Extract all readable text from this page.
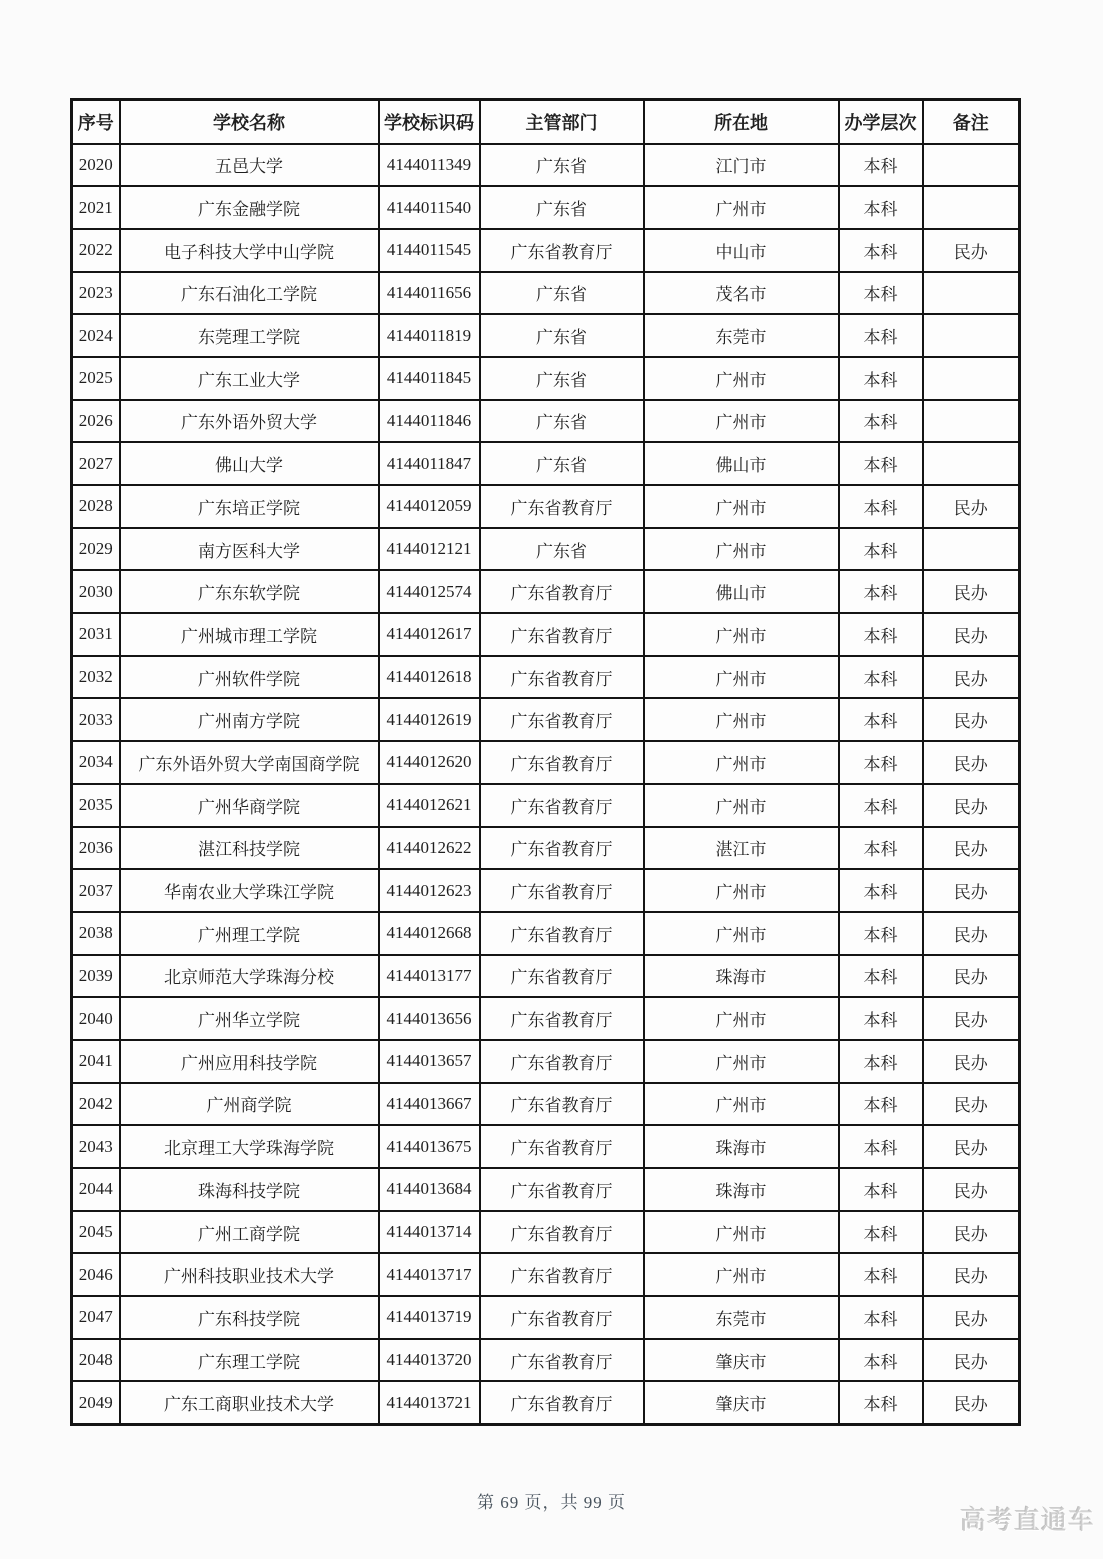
序号	学校名称	学校标识码	主管部门	所在地	办学层次	备注
2020	五邑大学	4144011349	广东省	江门市	本科	
2021	广东金融学院	4144011540	广东省	广州市	本科	
2022	电子科技大学中山学院	4144011545	广东省教育厅	中山市	本科	民办
2023	广东石油化工学院	4144011656	广东省	茂名市	本科	
2024	东莞理工学院	4144011819	广东省	东莞市	本科	
2025	广东工业大学	4144011845	广东省	广州市	本科	
2026	广东外语外贸大学	4144011846	广东省	广州市	本科	
2027	佛山大学	4144011847	广东省	佛山市	本科	
2028	广东培正学院	4144012059	广东省教育厅	广州市	本科	民办
2029	南方医科大学	4144012121	广东省	广州市	本科	
2030	广东东软学院	4144012574	广东省教育厅	佛山市	本科	民办
2031	广州城市理工学院	4144012617	广东省教育厅	广州市	本科	民办
2032	广州软件学院	4144012618	广东省教育厅	广州市	本科	民办
2033	广州南方学院	4144012619	广东省教育厅	广州市	本科	民办
2034	广东外语外贸大学南国商学院	4144012620	广东省教育厅	广州市	本科	民办
2035	广州华商学院	4144012621	广东省教育厅	广州市	本科	民办
2036	湛江科技学院	4144012622	广东省教育厅	湛江市	本科	民办
2037	华南农业大学珠江学院	4144012623	广东省教育厅	广州市	本科	民办
2038	广州理工学院	4144012668	广东省教育厅	广州市	本科	民办
2039	北京师范大学珠海分校	4144013177	广东省教育厅	珠海市	本科	民办
2040	广州华立学院	4144013656	广东省教育厅	广州市	本科	民办
2041	广州应用科技学院	4144013657	广东省教育厅	广州市	本科	民办
2042	广州商学院	4144013667	广东省教育厅	广州市	本科	民办
2043	北京理工大学珠海学院	4144013675	广东省教育厅	珠海市	本科	民办
2044	珠海科技学院	4144013684	广东省教育厅	珠海市	本科	民办
2045	广州工商学院	4144013714	广东省教育厅	广州市	本科	民办
2046	广州科技职业技术大学	4144013717	广东省教育厅	广州市	本科	民办
2047	广东科技学院	4144013719	广东省教育厅	东莞市	本科	民办
2048	广东理工学院	4144013720	广东省教育厅	肇庆市	本科	民办
2049	广东工商职业技术大学	4144013721	广东省教育厅	肇庆市	本科	民办
第 69 页，共 99 页
高考直通车
